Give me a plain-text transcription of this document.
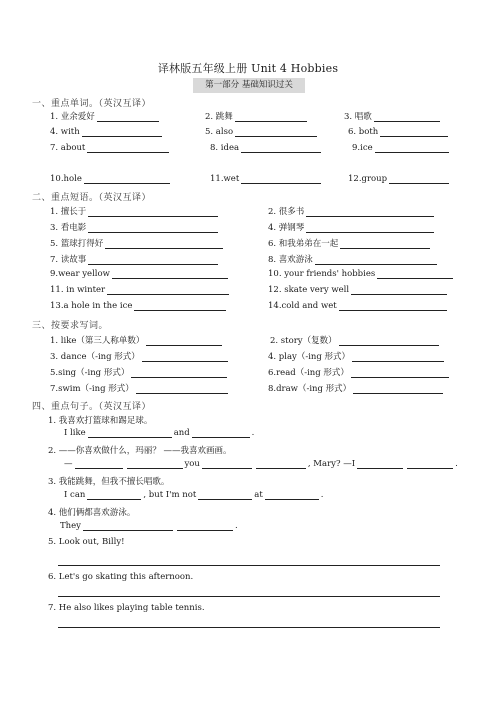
译林版五年级上册 Unit 4 Hobbies
第一部分 基础知识过关
一、重点单词。（英汉互译）
1. 业余爱好	2. 跳舞	3. 唱歌
4. with	5. also	6. both
7. about	8. idea	9.ice
10.hole	11.wet	12.group
二、重点短语。（英汉互译）
1. 擅长于	2. 很多书
3. 看电影	4. 弹钢琴
5. 篮球打得好	6. 和我弟弟在一起
7. 读故事	8. 喜欢游泳
9.wear yellow	10. your friends' hobbies
11. in winter	12. skate very well
13.a hole in the ice	14.cold and wet
三、按要求写词。
1. like（第三人称单数）	2. story（复数）
3. dance（-ing 形式）	4. play（-ing 形式）
5.sing（-ing 形式）	6.read（-ing 形式）
7.swim（-ing 形式）	8.draw（-ing 形式）
四、重点句子。（英汉互译）
1. 我喜欢打篮球和踢足球。
I like	and	.
2. ——你喜欢做什么，玛丽？ ——我喜欢画画。
—	you	, Mary? —I	.
3. 我能跳舞，但我不擅长唱歌。
I can	, but I'm not	at	.
4. 他们俩都喜欢游泳。
They	.
5. Look out, Billy!
6. Let's go skating this afternoon.
7. He also likes playing table tennis.
